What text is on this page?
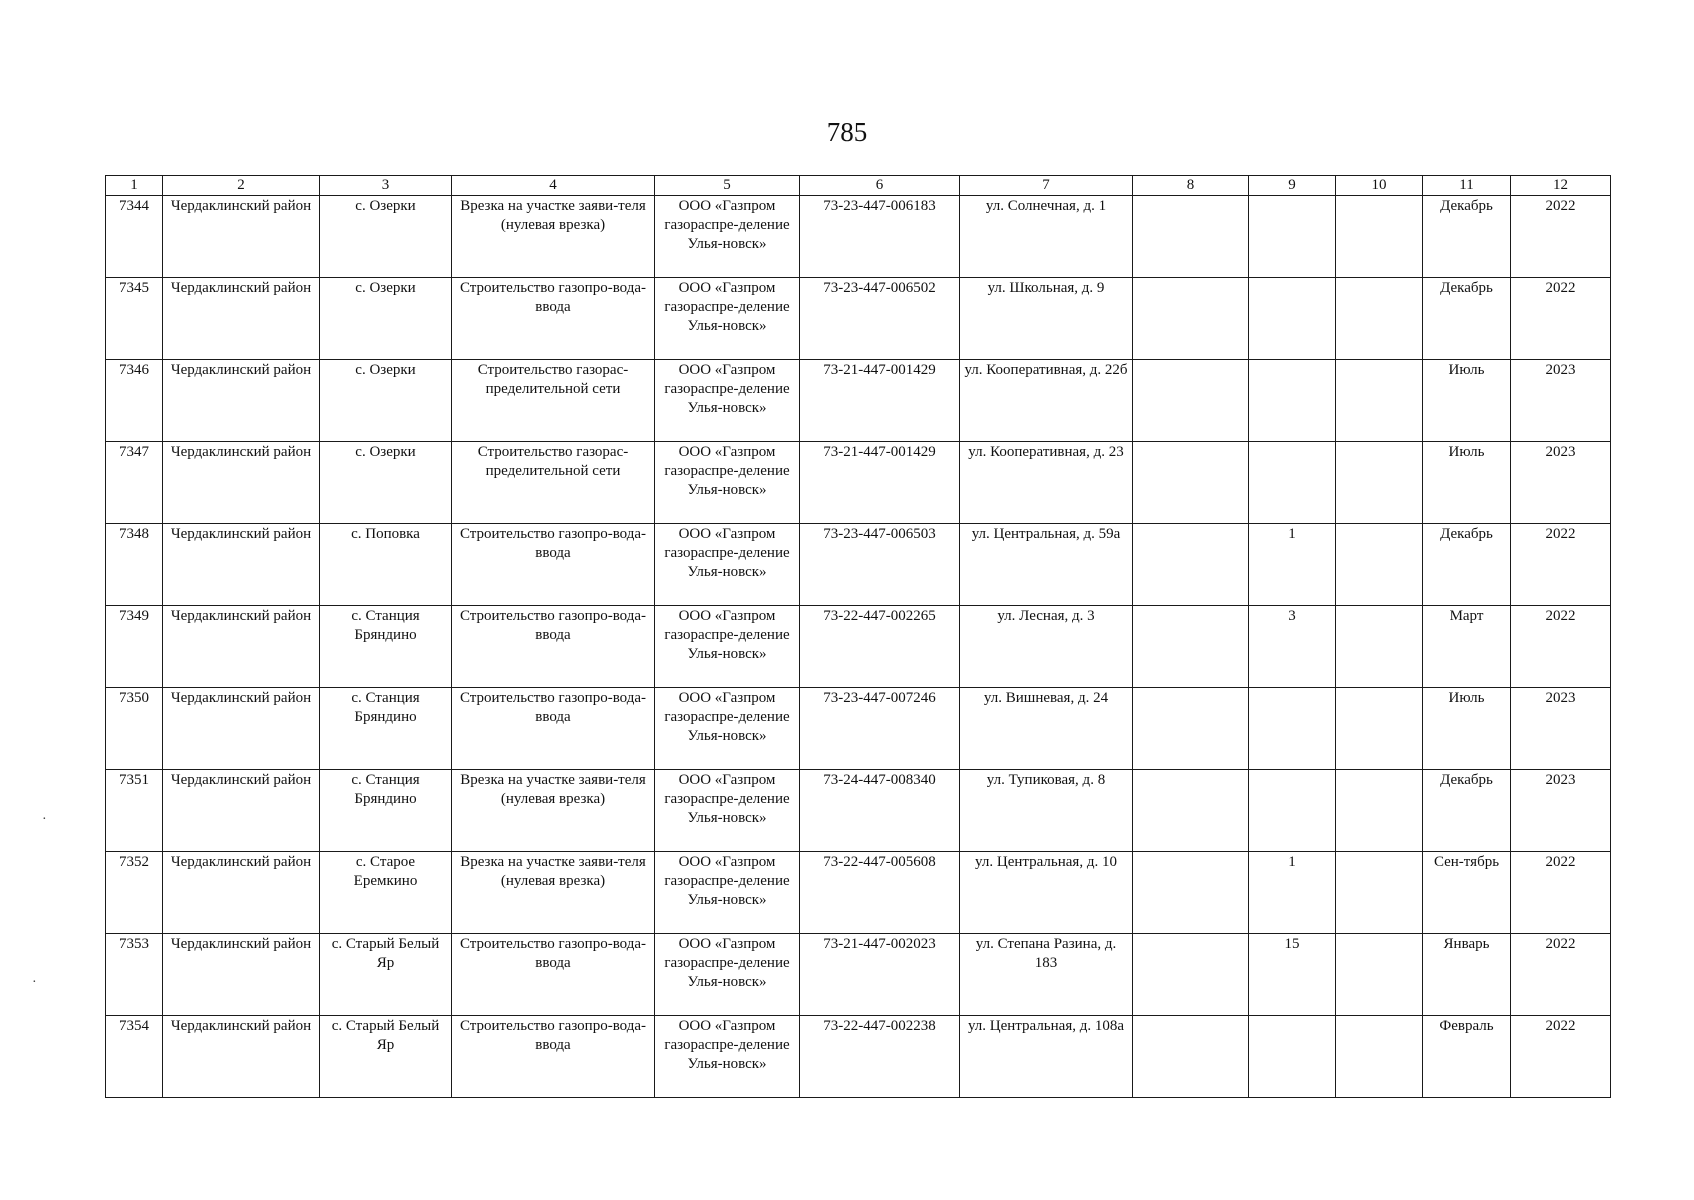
785
1	2	3	4	5	6	7	8	9	10	11	12
7344	Чердаклинский район	с. Озерки	Врезка на участке заяви-теля (нулевая врезка)	ООО «Газпром газораспре-деление Улья-новск»	73-23-447-006183	ул. Солнечная, д. 1				Декабрь	2022
7345	Чердаклинский район	с. Озерки	Строительство газопро-вода-ввода	ООО «Газпром газораспре-деление Улья-новск»	73-23-447-006502	ул. Школьная, д. 9				Декабрь	2022
7346	Чердаклинский район	с. Озерки	Строительство газорас-пределительной сети	ООО «Газпром газораспре-деление Улья-новск»	73-21-447-001429	ул. Кооперативная, д. 22б				Июль	2023
7347	Чердаклинский район	с. Озерки	Строительство газорас-пределительной сети	ООО «Газпром газораспре-деление Улья-новск»	73-21-447-001429	ул. Кооперативная, д. 23				Июль	2023
7348	Чердаклинский район	с. Поповка	Строительство газопро-вода-ввода	ООО «Газпром газораспре-деление Улья-новск»	73-23-447-006503	ул. Центральная, д. 59а		1		Декабрь	2022
7349	Чердаклинский район	с. Станция Бряндино	Строительство газопро-вода-ввода	ООО «Газпром газораспре-деление Улья-новск»	73-22-447-002265	ул. Лесная, д. 3		3		Март	2022
7350	Чердаклинский район	с. Станция Бряндино	Строительство газопро-вода-ввода	ООО «Газпром газораспре-деление Улья-новск»	73-23-447-007246	ул. Вишневая, д. 24				Июль	2023
7351	Чердаклинский район	с. Станция Бряндино	Врезка на участке заяви-теля (нулевая врезка)	ООО «Газпром газораспре-деление Улья-новск»	73-24-447-008340	ул. Тупиковая, д. 8				Декабрь	2023
7352	Чердаклинский район	с. Старое Еремкино	Врезка на участке заяви-теля (нулевая врезка)	ООО «Газпром газораспре-деление Улья-новск»	73-22-447-005608	ул. Центральная, д. 10		1		Сен-тябрь	2022
7353	Чердаклинский район	с. Старый Белый Яр	Строительство газопро-вода-ввода	ООО «Газпром газораспре-деление Улья-новск»	73-21-447-002023	ул. Степана Разина, д. 183		15		Январь	2022
7354	Чердаклинский район	с. Старый Белый Яр	Строительство газопро-вода-ввода	ООО «Газпром газораспре-деление Улья-новск»	73-22-447-002238	ул. Центральная, д. 108а				Февраль	2022
·
·
